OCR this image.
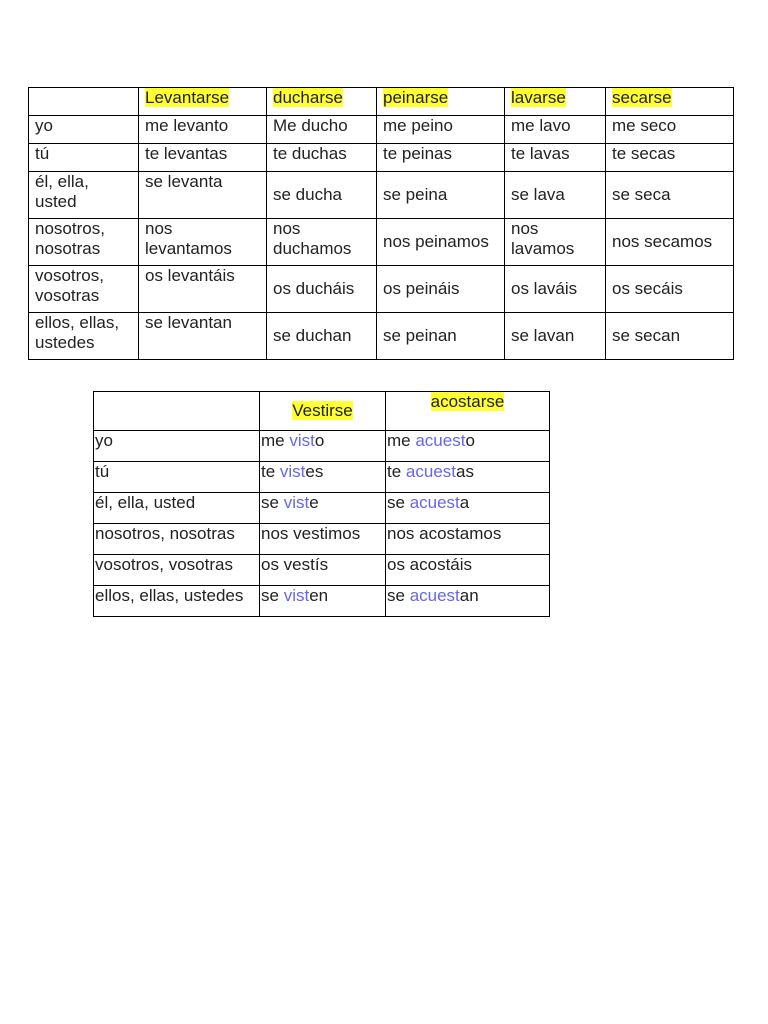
	Levantarse	ducharse	peinarse	lavarse	secarse
yo	me levanto	Me ducho	me peino	me lavo	me seco
tú	te levantas	te duchas	te peinas	te lavas	te secas
él, ella, usted	se levanta	se ducha	se peina	se lava	se seca
nosotros, nosotras	nos levantamos	nos duchamos	nos peinamos	nos lavamos	nos secamos
vosotros, vosotras	os levantáis	os ducháis	os peináis	os laváis	os secáis
ellos, ellas, ustedes	se levantan	se duchan	se peinan	se lavan	se secan
	Vestirse	acostarse
yo	me visto	me acuesto
tú	te vistes	te acuestas
él, ella, usted	se viste	se acuesta
nosotros, nosotras	nos vestimos	nos acostamos
vosotros, vosotras	os vestís	os acostáis
ellos, ellas, ustedes	se visten	se acuestan
